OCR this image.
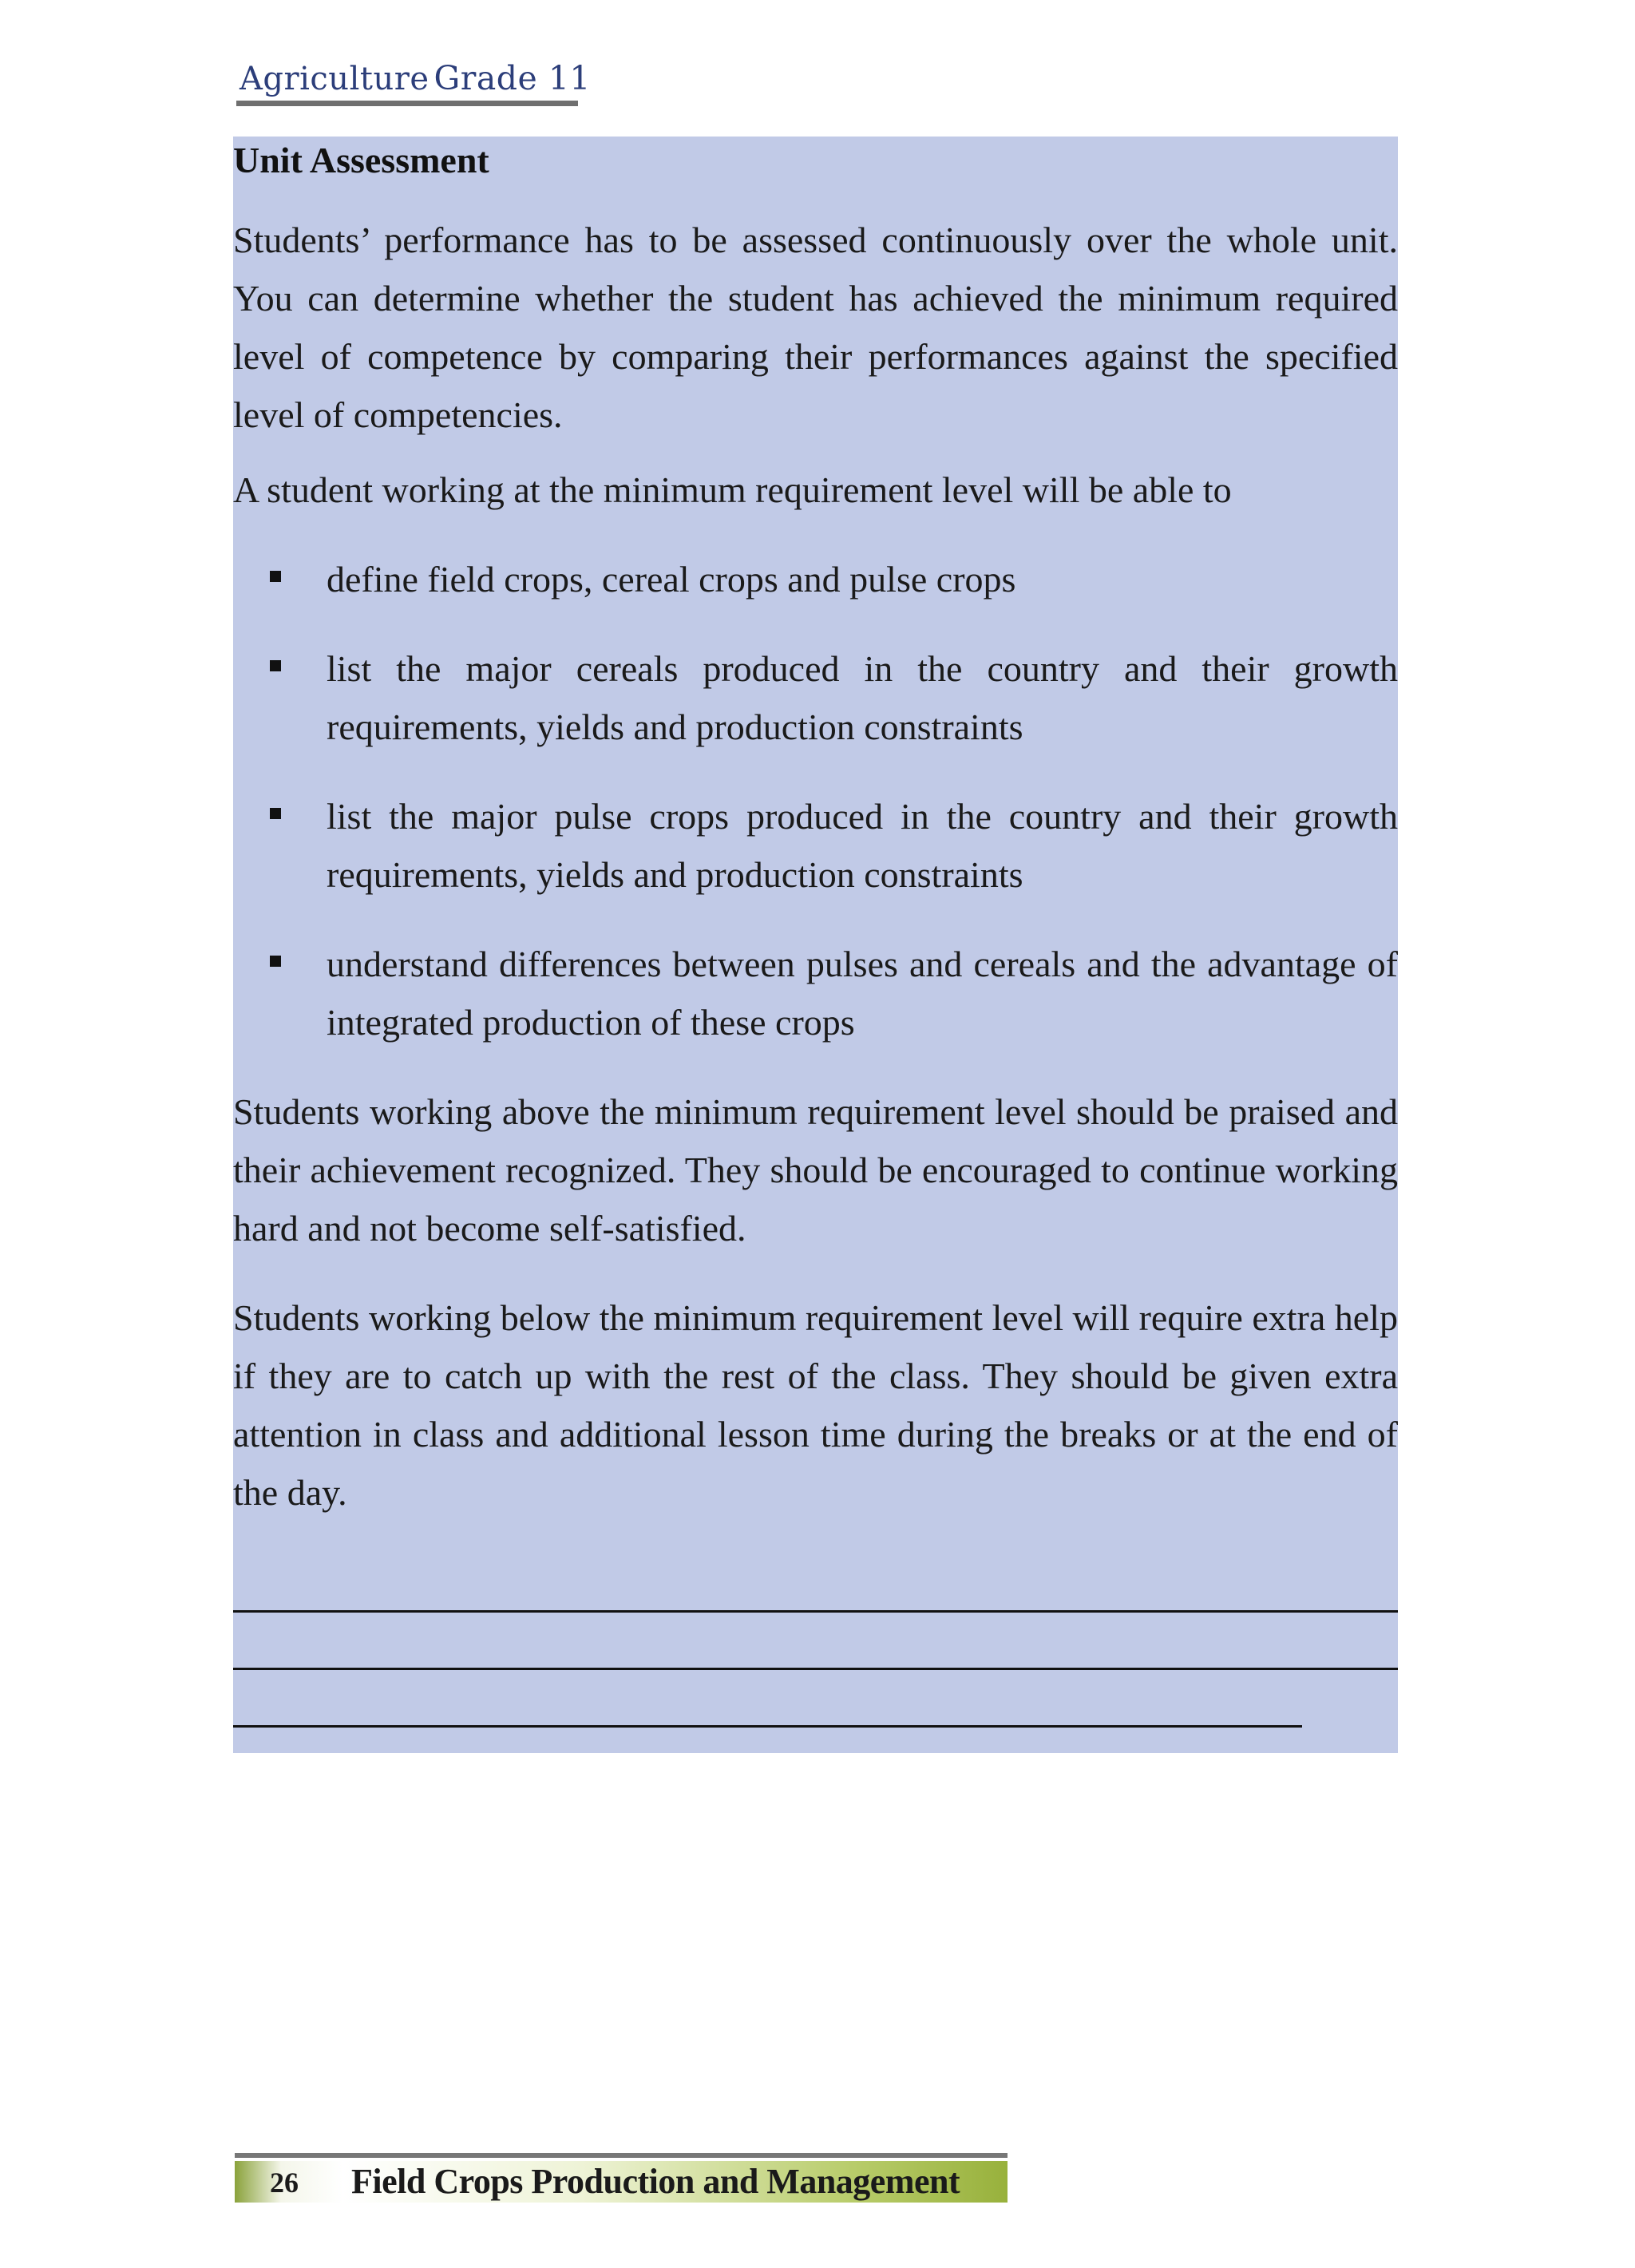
Agriculture Grade 11
Unit Assessment
Students’ performance has to be assessed continuously over the whole unit. You can determine whether the student has achieved the minimum required level of competence by comparing their performances against the specified level of competencies.
A student working at the minimum requirement level will be able to
define field crops, cereal crops and pulse crops
list the major cereals produced in the country and their growth requirements, yields and production constraints
list the major pulse crops produced in the country and their growth requirements, yields and production constraints
understand differences between pulses and cereals and the advantage of integrated production of these crops
Students working above the minimum requirement level should be praised and their achievement recognized. They should be encouraged to continue working hard and not become self-satisfied.
Students working below the minimum requirement level will require extra help if they are to catch up with the rest of the class. They should be given extra attention in class and additional lesson time during the breaks or at the end of the day.
26 Field Crops Production and Management
